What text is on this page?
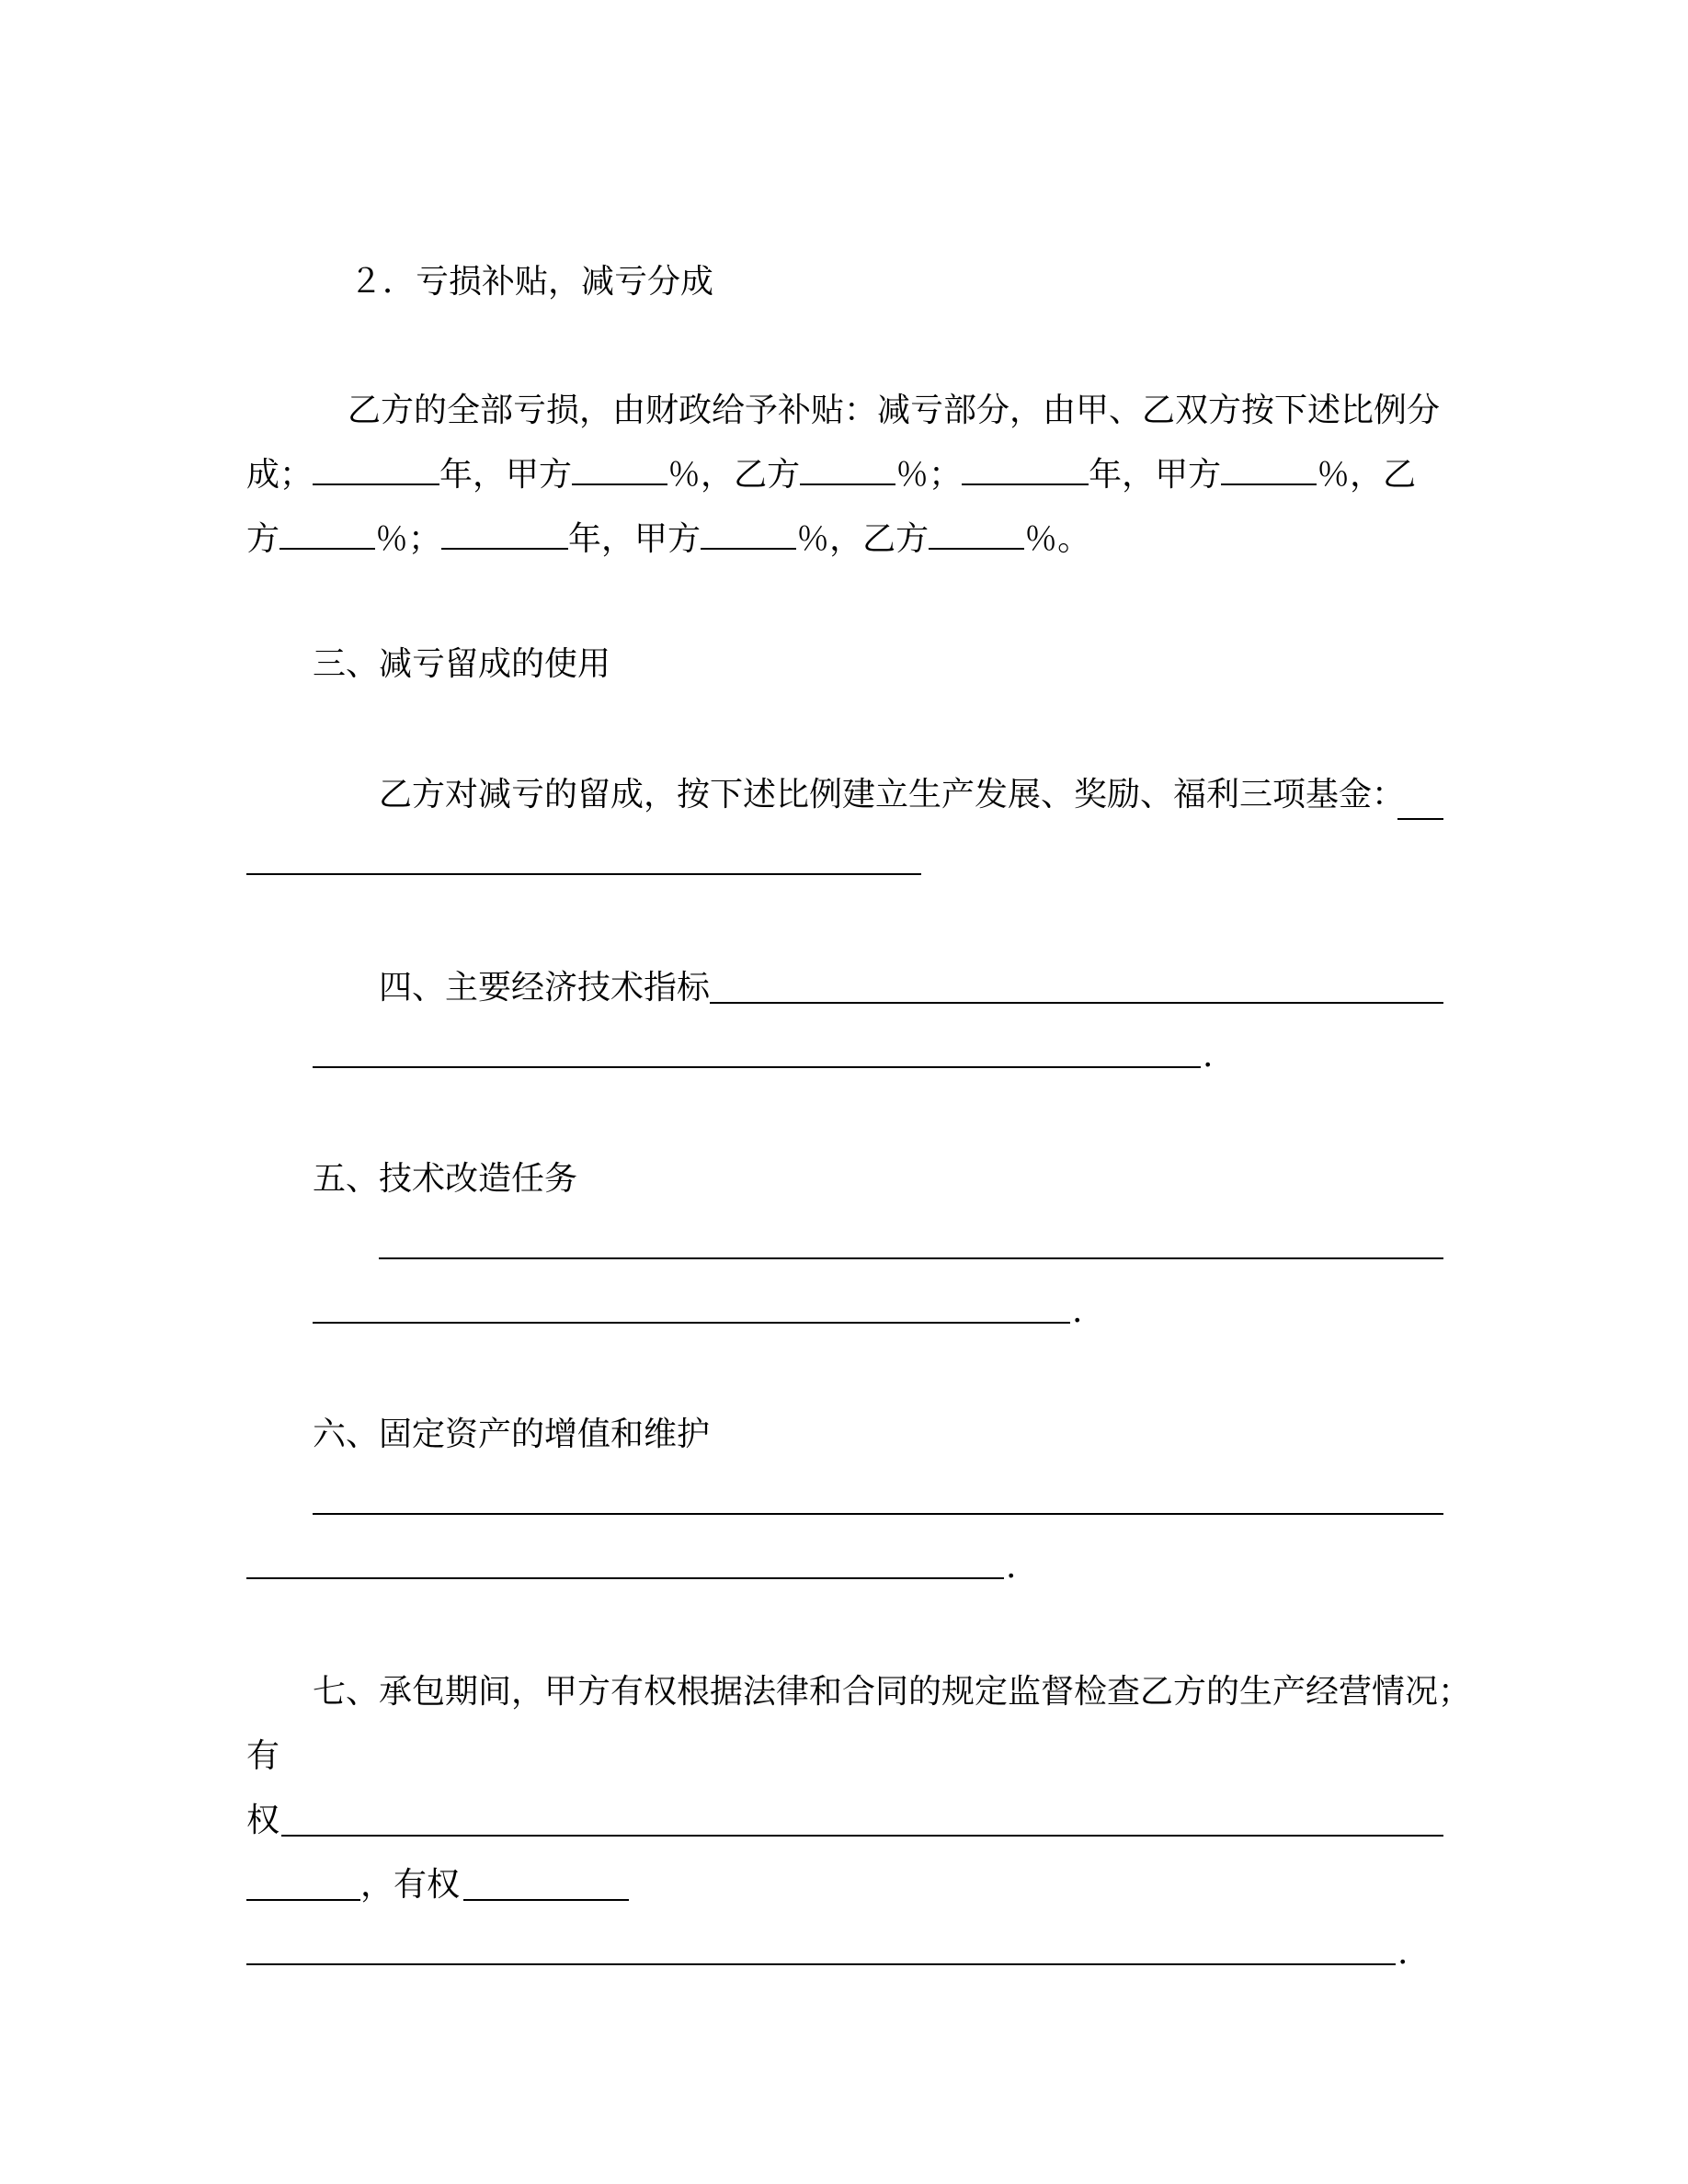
２．亏损补贴，减亏分成
乙方的全部亏损，由财政给予补贴：减亏部分，由甲、乙双方按下述比例分
成；	年，甲方	％，乙方	％；	年，甲方	％，乙
方	％；	年，甲方	％，乙方	％。
三、减亏留成的使用
乙方对减亏的留成，按下述比例建立生产发展、奖励、福利三项基金：
四、主要经济技术指标
.
五、技术改造任务
.
六、固定资产的增值和维护
.
七、承包期间，甲方有权根据法律和合同的规定监督检查乙方的生产经营情况；
有
权
，有权
.
